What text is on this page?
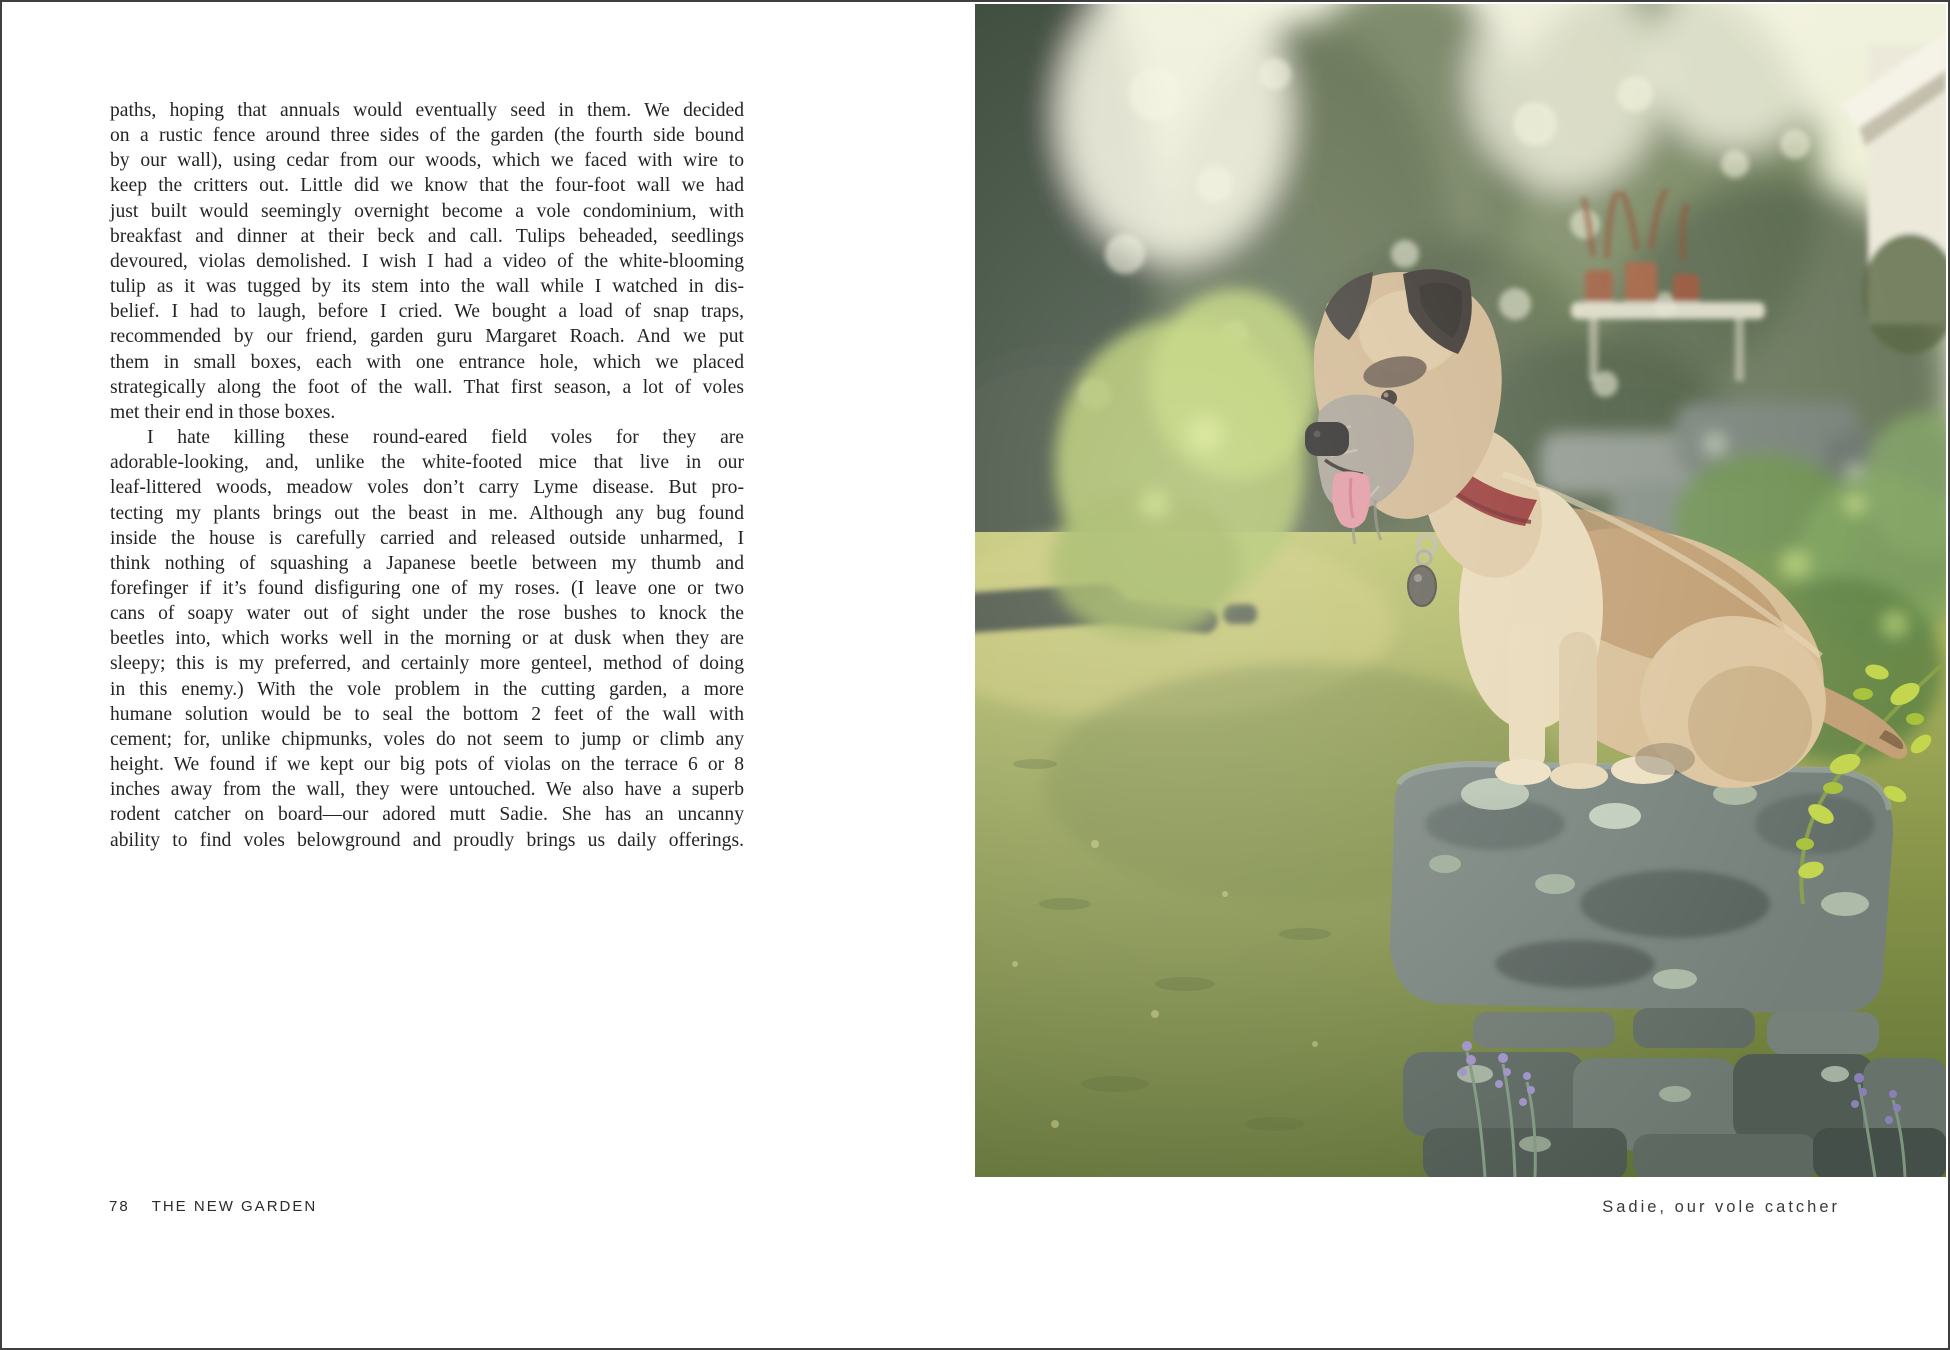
paths, hoping that annuals would eventually seed in them. We decided
on a rustic fence around three sides of the garden (the fourth side bound
by our wall), using cedar from our woods, which we faced with wire to
keep the critters out. Little did we know that the four-foot wall we had
just built would seemingly overnight become a vole condominium, with
breakfast and dinner at their beck and call. Tulips beheaded, seedlings
devoured, violas demolished. I wish I had a video of the white-blooming
tulip as it was tugged by its stem into the wall while I watched in dis-
belief. I had to laugh, before I cried. We bought a load of snap traps,
recommended by our friend, garden guru Margaret Roach. And we put
them in small boxes, each with one entrance hole, which we placed
strategically along the foot of the wall. That first season, a lot of voles
met their end in those boxes.
I hate killing these round-eared field voles for they are
adorable-looking, and, unlike the white-footed mice that live in our
leaf-littered woods, meadow voles don’t carry Lyme disease. But pro-
tecting my plants brings out the beast in me. Although any bug found
inside the house is carefully carried and released outside unharmed, I
think nothing of squashing a Japanese beetle between my thumb and
forefinger if it’s found disfiguring one of my roses. (I leave one or two
cans of soapy water out of sight under the rose bushes to knock the
beetles into, which works well in the morning or at dusk when they are
sleepy; this is my preferred, and certainly more genteel, method of doing
in this enemy.) With the vole problem in the cutting garden, a more
humane solution would be to seal the bottom 2 feet of the wall with
cement; for, unlike chipmunks, voles do not seem to jump or climb any
height. We found if we kept our big pots of violas on the terrace 6 or 8
inches away from the wall, they were untouched. We also have a superb
rodent catcher on board—our adored mutt Sadie. She has an uncanny
ability to find voles belowground and proudly brings us daily offerings.
78 THE NEW GARDEN	Sadie, our vole catcher
